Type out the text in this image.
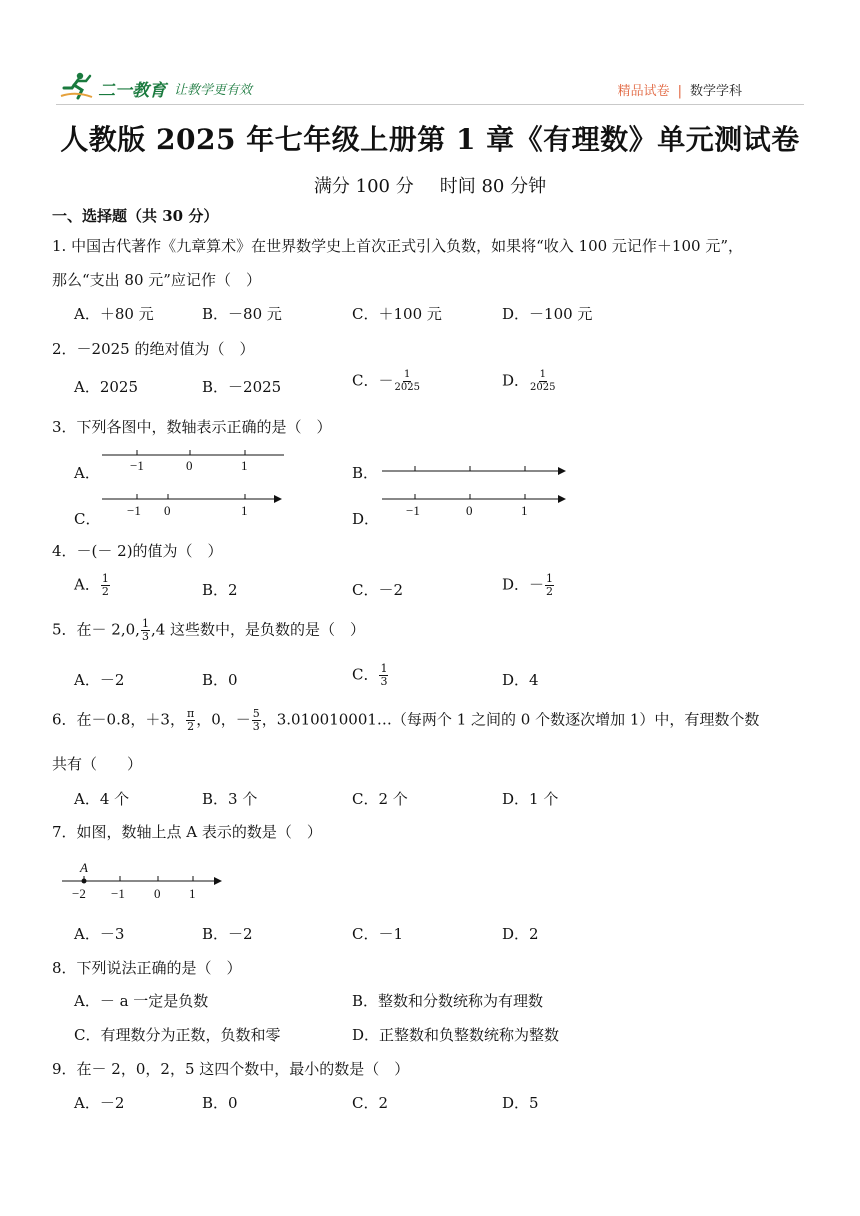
二一教育 让教学更有效	精品试卷 | 数学学科
人教版 2025 年七年级上册第 1 章《有理数》单元测试卷
满分 100 分 时间 80 分钟
一、选择题（共 30 分）
1. 中国古代著作《九章算术》在世界数学史上首次正式引入负数，如果将“收入 100 元记作＋100 元”，
那么“支出 80 元”应记作（　）
A．＋80 元	B．－80 元	C．＋100 元	D．－100 元
2．－2025 的绝对值为（　）
A．2025	B．－2025	C．－ $\frac{1}{2025}$	D． $\frac{1}{2025}$
3．下列各图中，数轴表示正确的是（　）
A． −1	0	1	B．
C． −1 0	1	D． −1	0	1
4．－(－ 2)的值为（　）
A． $\frac{1}{2}$	B．2	C．－2	D．－ $\frac{1}{2}$
5．在－ 2,0, $\frac{1}{3} ,4$ 这些数中，是负数的是（　）
A．－2	B．0	C． $\frac{1}{3}$	D．4
6．在－0.8，＋3， $\frac{\pi}{2}$ ，0，－ $\frac{5}{3}$ ，3.010010001…（每两个 1 之间的 0 个数逐次增加 1）中，有理数个数
共有（　　）
A．4 个	B．3 个	C．2 个	D．1 个
7．如图，数轴上点 A 表示的数是（　）
A
−2 −1 0 1
A．－3	B．－2	C．－1	D．2
8．下列说法正确的是（　）
A．－ a 一定是负数	B．整数和分数统称为有理数
C．有理数分为正数，负数和零	D．正整数和负整数统称为整数
9．在－ 2，0，2，5 这四个数中，最小的数是（　）
A．－2	B．0	C．2	D．5
